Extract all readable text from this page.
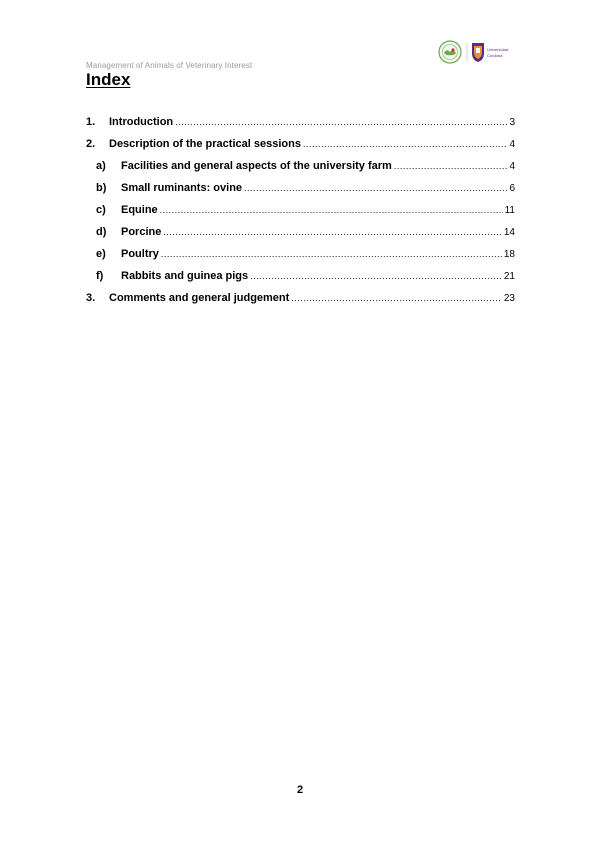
Management of Animals of Veterinary Interest
Universidad
Córdoba
Index
1.	Introduction .....	3
2.	Description of the practical sessions .....	4
a)	Facilities and general aspects of the university farm .....	4
b)	Small ruminants: ovine .....	6
c)	Equine .....	11
d)	Porcine .....	14
e)	Poultry .....	18
f)	Rabbits and guinea pigs .....	21
3.	Comments and general judgement .....	23
2
